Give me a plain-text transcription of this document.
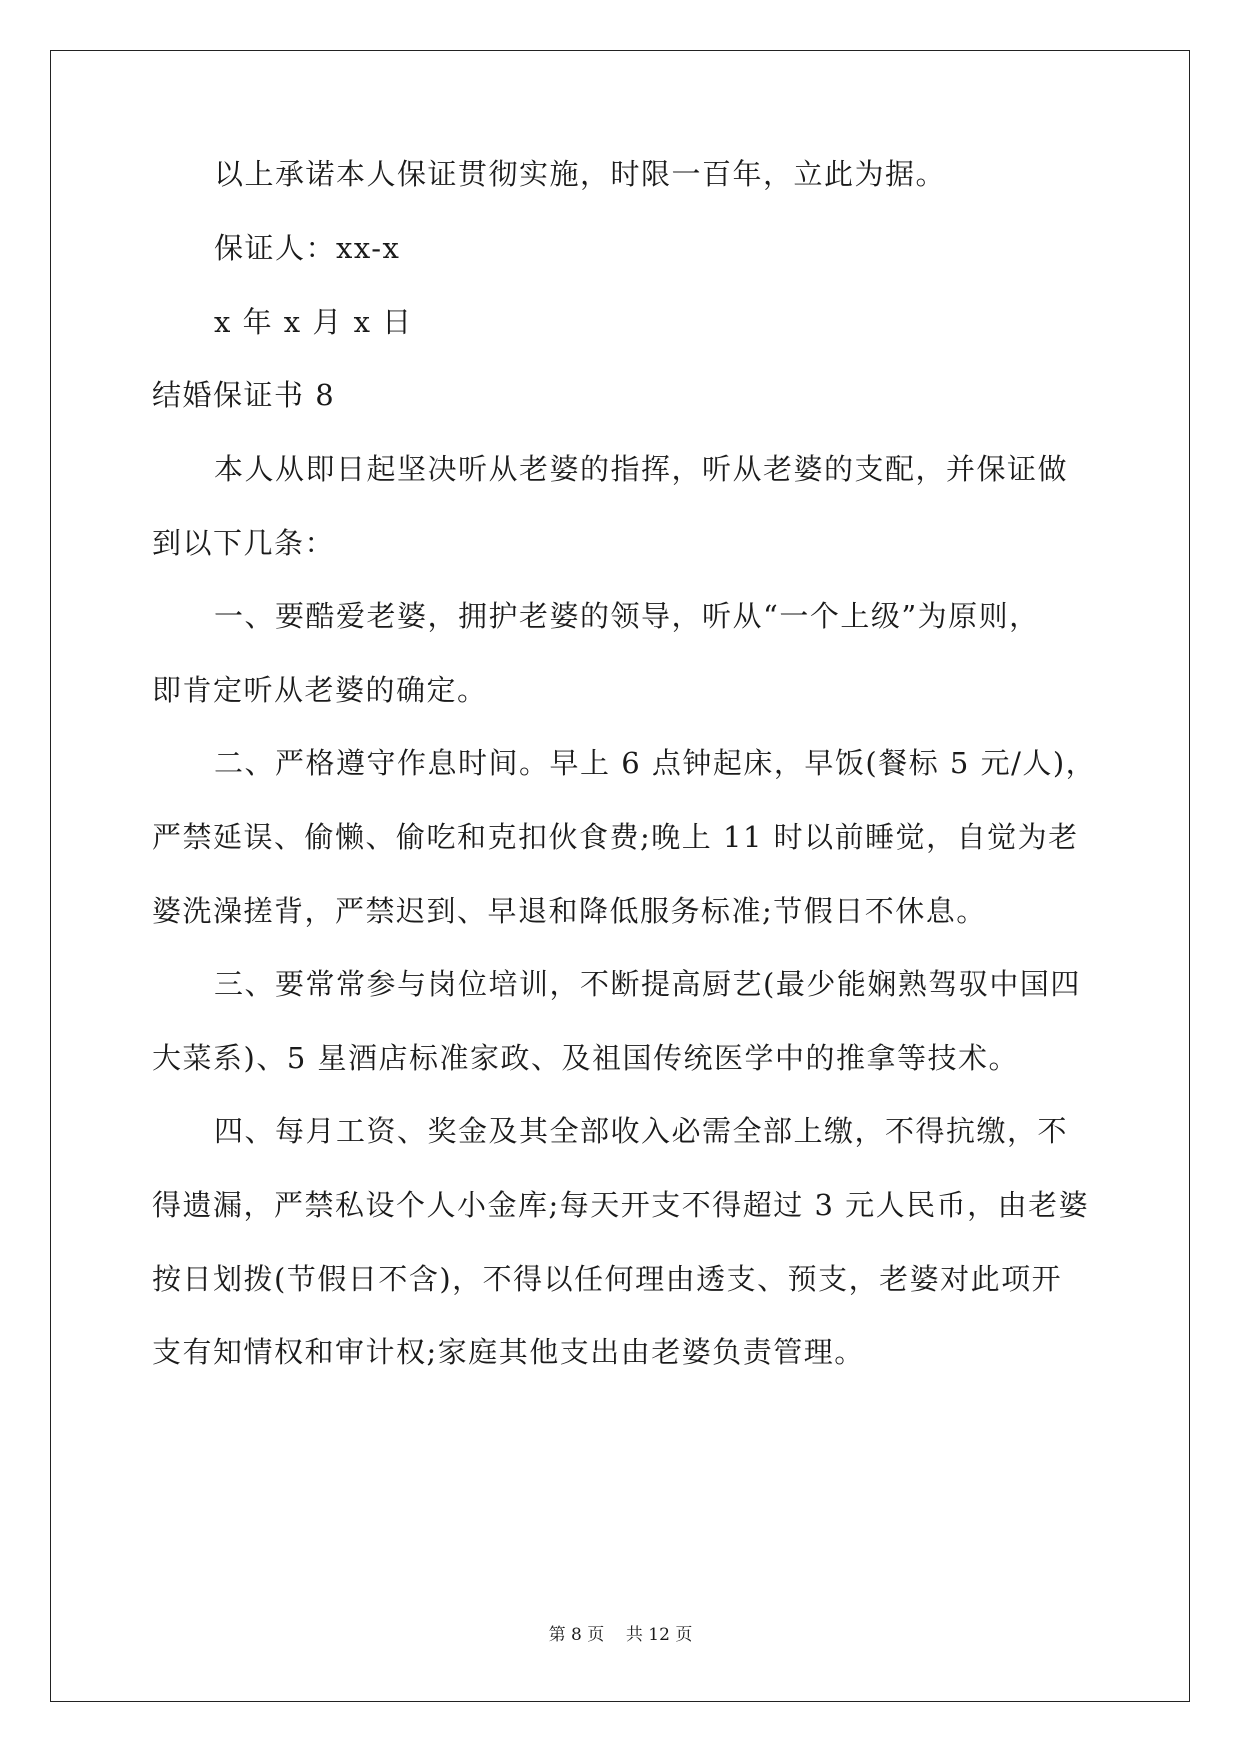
以上承诺本人保证贯彻实施，时限一百年，立此为据。
保证人：xx-x
x 年 x 月 x 日
结婚保证书 8
本人从即日起坚决听从老婆的指挥，听从老婆的支配，并保证做
到以下几条：
一、要酷爱老婆，拥护老婆的领导，听从“一个上级”为原则，
即肯定听从老婆的确定。
二、严格遵守作息时间。早上 6 点钟起床，早饭(餐标 5 元/人)，
严禁延误、偷懒、偷吃和克扣伙食费;晚上 11 时以前睡觉，自觉为老
婆洗澡搓背，严禁迟到、早退和降低服务标准;节假日不休息。
三、要常常参与岗位培训，不断提高厨艺(最少能娴熟驾驭中国四
大菜系)、5 星酒店标准家政、及祖国传统医学中的推拿等技术。
四、每月工资、奖金及其全部收入必需全部上缴，不得抗缴，不
得遗漏，严禁私设个人小金库;每天开支不得超过 3 元人民币，由老婆
按日划拨(节假日不含)，不得以任何理由透支、预支，老婆对此项开
支有知情权和审计权;家庭其他支出由老婆负责管理。
第 8 页 共 12 页
